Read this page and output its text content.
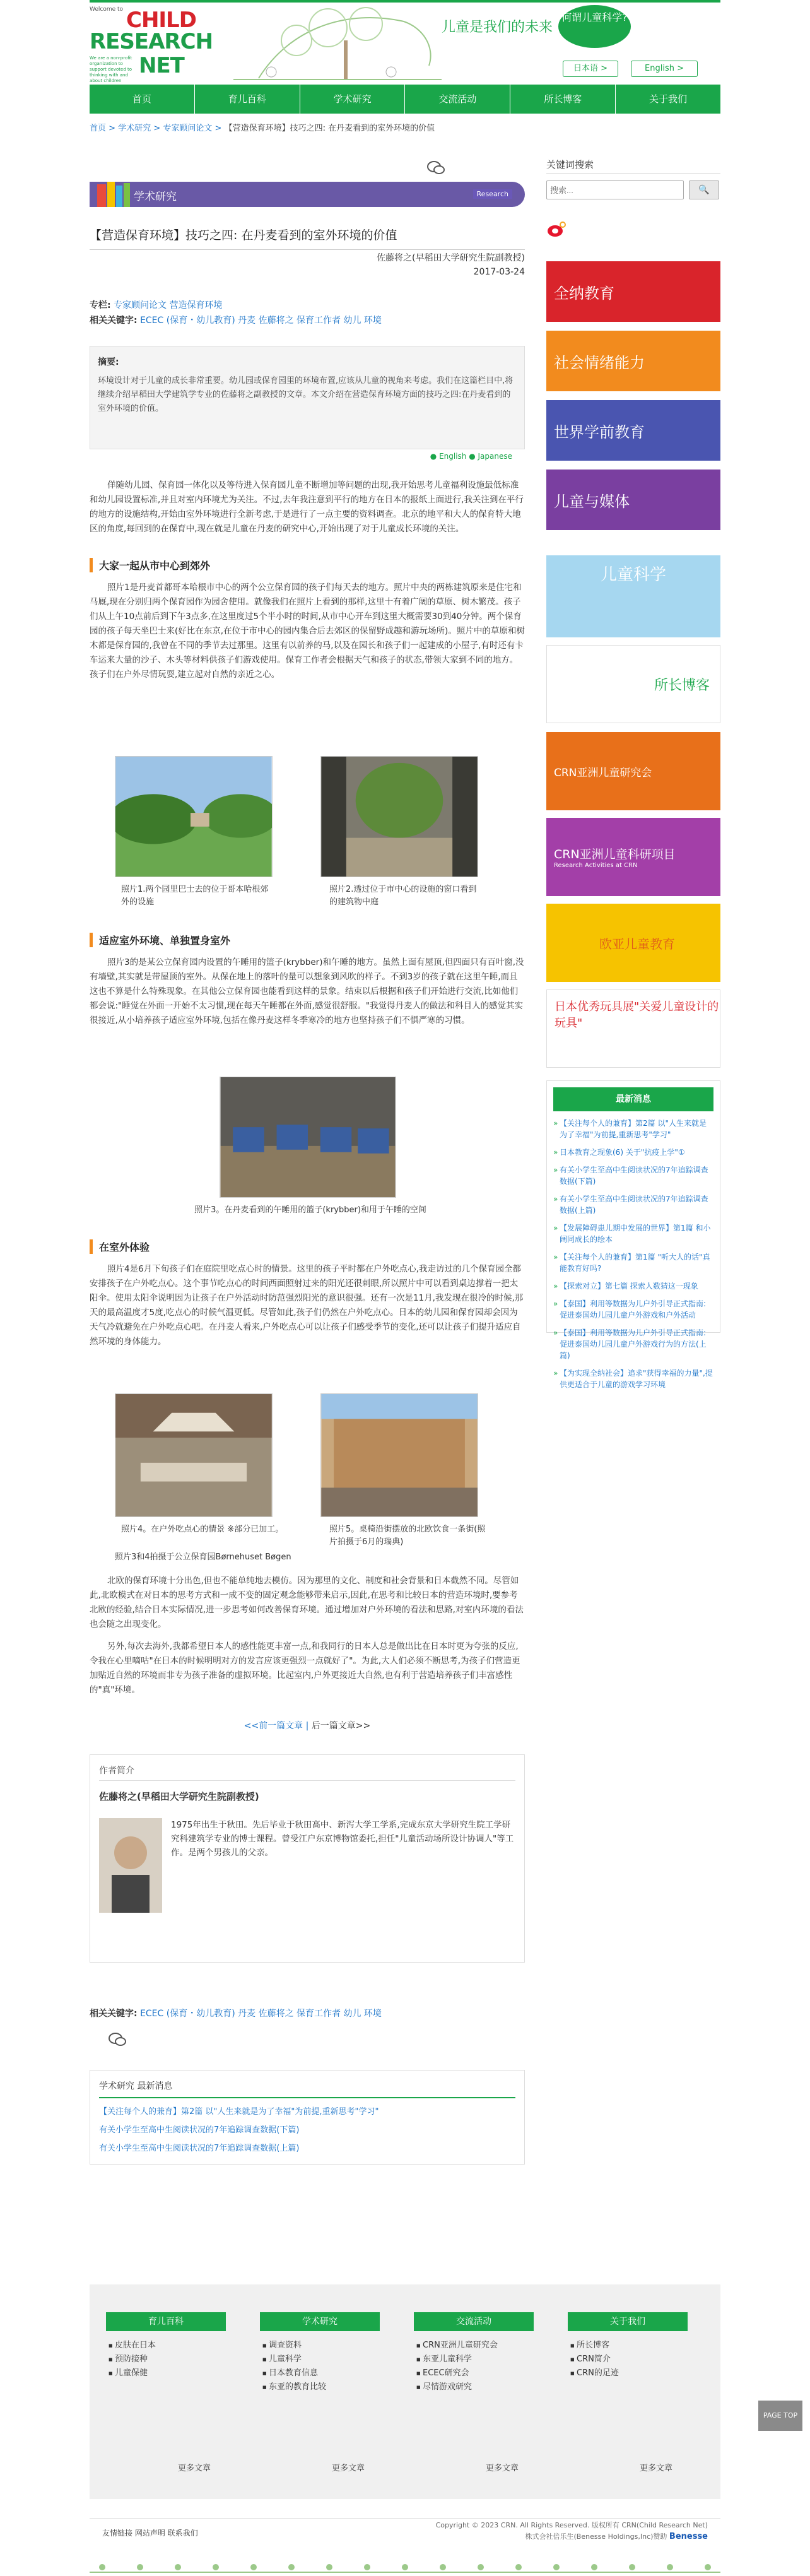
Welcome to CHILD
RESEARCH
NET
We are a non-profit organization to support devoted to thinking with and about children
儿童是我们的未来
何谓儿童科学?
日本语 >	English >
首页	育儿百科	学术研究	交流活动	所长博客	关于我们
首页 > 学术研究 > 专家顾问论文 > 【营造保育环境】技巧之四: 在丹麦看到的室外环境的价值
学术研究	Research
【营造保育环境】技巧之四: 在丹麦看到的室外环境的价值
佐藤将之(早稻田大学研究生院副教授)
2017-03-24
专栏: 专家顾问论文 营造保育环境
相关关键字: ECEC (保育・幼儿教育) 丹麦 佐藤将之 保育工作者 幼儿 环境
摘要:
环境设计对于儿童的成长非常重要。幼儿园或保育园里的环境布置,应该从儿童的视角来考虑。我们在这篇栏目中,将继续介绍早稻田大学建筑学专业的佐藤将之副教授的文章。本文介绍在营造保育环境方面的技巧之四:在丹麦看到的室外环境的价值。
● English ● Japanese
佯随幼儿园、保育园一体化以及等待进入保育园儿童不断增加等问题的出现,我开始思考儿童福利设施最低标准和幼儿园设置标准,并且对室内环境尤为关注。不过,去年我注意到平行的地方在日本的报纸上面进行,我关注到在平行的地方的设施结构,开始由室外环境进行全新考虑,于是进行了一点主要的资料调查。北京的地平和大人的保育特大地区的角度,每回到的在保育中,现在就是儿童在丹麦的研究中心,开始出现了对于儿童成长环境的关注。
大家一起从市中心到郊外
照片1是丹麦首都哥本哈根市中心的两个公立保育园的孩子们每天去的地方。照片中央的两栋建筑原来是住宅和马厩,现在分别归两个保育园作为园舍使用。就像我们在照片上看到的那样,这里十有着广阔的草原、树木繁茂。孩子们从上午10点前后到下午3点多,在这里度过5个半小时的时间,从市中心开车到这里大概需要30到40分钟。两个保育园的孩子每天坐巴士来(好比在东京,在位于市中心的园内集合后去郊区的保留野成趣和游玩场所)。照片中的草原和树木都是保育园的,我曾在不同的季节去过那里。这里有以前养的马,以及在园长和孩子们一起建成的小屋子,有时还有卡车运来大量的沙子、木头等材料供孩子们游戏使用。保育工作者会根据天气和孩子的状态,带领大家到不同的地方。孩子们在户外尽情玩耍,建立起对自然的亲近之心。
照片1.两个园里巴士去的位于哥本哈根郊外的设施
照片2.透过位于市中心的设施的窗口看到的建筑物中庭
适应室外环境、单独置身室外
照片3的是某公立保育园内设置的午睡用的篮子(krybber)和午睡的地方。虽然上面有屋顶,但四面只有百叶窗,没有墙壁,其实就是带屋顶的室外。从保在地上的落叶的量可以想象到风吹的样子。不到3岁的孩子就在这里午睡,而且这也不算是什么特殊现象。在其他公立保育园也能看到这样的景象。结束以后根据和孩子们开始进行交流,比如他们都会说:"睡觉在外面一开始不太习惯,现在每天午睡都在外面,感觉很舒服。"我觉得丹麦人的做法和科目人的感觉其实很接近,从小培养孩子适应室外环境,包括在像丹麦这样冬季寒冷的地方也坚持孩子们不惧严寒的习惯。
照片3。在丹麦看到的午睡用的篮子(krybber)和用于午睡的空间
在室外体验
照片4是6月下旬孩子们在庭院里吃点心时的情景。这里的孩子平时都在户外吃点心,我走访过的几个保育园全都安排孩子在户外吃点心。这个事节吃点心的时间西面照射过来的阳光还很刺眼,所以照片中可以看到桌边撑着一把太阳伞。使用太阳伞说明因为让孩子在户外活动时防范强烈阳光的意识很强。还有一次是11月,我发现在很冷的时候,那天的最高温度才5度,吃点心的时候气温更低。尽管如此,孩子们仍然在户外吃点心。日本的幼儿园和保育园却会因为天气冷就避免在户外吃点心吧。在丹麦人看来,户外吃点心可以让孩子们感受季节的变化,还可以让孩子们提升适应自然环境的身体能力。
照片4。在户外吃点心的情景 ※部分已加工。	照片5。桌椅沿街摆放的北欧饮食一条街(照片拍摄于6月的瑞典)
照片3和4拍摄于公立保育园Børnehuset Bøgen
北欧的保育环境十分出色,但也不能单纯地去模仿。因为那里的文化、制度和社会背景和日本截然不同。尽管如此,北欧模式在对日本的思考方式和一成不变的固定观念能够带来启示,因此,在思考和比较日本的营造环境时,要参考北欧的经验,结合日本实际情况,进一步思考如何改善保育环境。通过增加对户外环境的看法和思路,对室内环境的看法也会随之出现变化。
另外,每次去海外,我都希望日本人的感性能更丰富一点,和我同行的日本人总是做出比在日本时更为夸张的反应,令我在心里嘀咕"在日本的时候明明对方的发言应该更强烈一点就好了"。为此,大人们必须不断思考,为孩子们营造更加贴近自然的环境而非专为孩子准备的虚拟环境。比起室内,户外更接近大自然,也有利于营造培养孩子们丰富感性的"真"环境。
<<前一篇文章 | 后一篇文章>>
作者简介
佐藤将之(早稻田大学研究生院副教授)
1975年出生于秋田。先后毕业于秋田高中、新泻大学工学系,完成东京大学研究生院工学研究科建筑学专业的博士课程。曾受江户东京博物馆委托,担任"儿童活动场所设计协调人"等工作。是两个男孩儿的父亲。
相关关键字: ECEC (保育・幼儿教育) 丹麦 佐藤将之 保育工作者 幼儿 环境
学术研究 最新消息
【关注每个人的兼育】第2篇 以"人生来就是为了幸福"为前提,重新思考"学习"
有关小学生至高中生阅读状况的7年追踪调查数据(下篇)
有关小学生至高中生阅读状况的7年追踪调查数据(上篇)
关键词搜索
搜索...
🔍
全纳教育
社会情绪能力
世界学前教育
儿童与媒体
儿童科学
所长博客
CRN亚洲儿童研究会
CRN亚洲儿童科研项目
Research Activities at CRN
欧亚儿童教育
日本优秀玩具展"关爱儿童设计的玩具"
最新消息
» 【关注每个人的兼育】第2篇 以"人生来就是为了幸福"为前提,重新思考"学习"
» 日本教育之现象(6) 关于"抗疫上学"①
» 有关小学生至高中生阅读状况的7年追踪调查数据(下篇)
» 有关小学生至高中生阅读状况的7年追踪调查数据(上篇)
» 【发展障碍患儿期中发展的世界】第1篇 和小阔同成长的绘本
» 【关注每个人的兼育】第1篇 "听大人的话"真能教育好吗?
» 【探索对立】第七篇 探索人数猜这一现象
» 【泰国】利用等数据为儿户外引导正式指南:促进泰国幼儿园儿童户外游戏和户外活动
» 【泰国】利用等数据为儿户外引导正式指南:促进泰国幼儿园儿童户外游戏行为的方法(上篇)
» 【为实现全纳社会】追求"获得幸福的力量",提供更适合于儿童的游戏学习环境
育儿百科
■ 皮肤在日本
■ 预防接种
■ 儿童保健
学术研究
■ 调查资料
■ 儿童科学
■ 日本教育信息
■ 东亚的教育比较
交流活动
■ CRN亚洲儿童研究会
■ 东亚儿童科学
■ ECEC研究会
■ 尽情游戏研究
关于我们
■ 所长博客
■ CRN简介
■ CRN的足迹
更多文章	更多文章	更多文章	更多文章
友情链接 网站声明 联系我们
Copyright © 2023 CRN. All Rights Reserved. 版权所有 CRN(Child Research Net)
株式会社倍乐生(Benesse Holdings,Inc)赞助 Benesse
PAGE TOP
